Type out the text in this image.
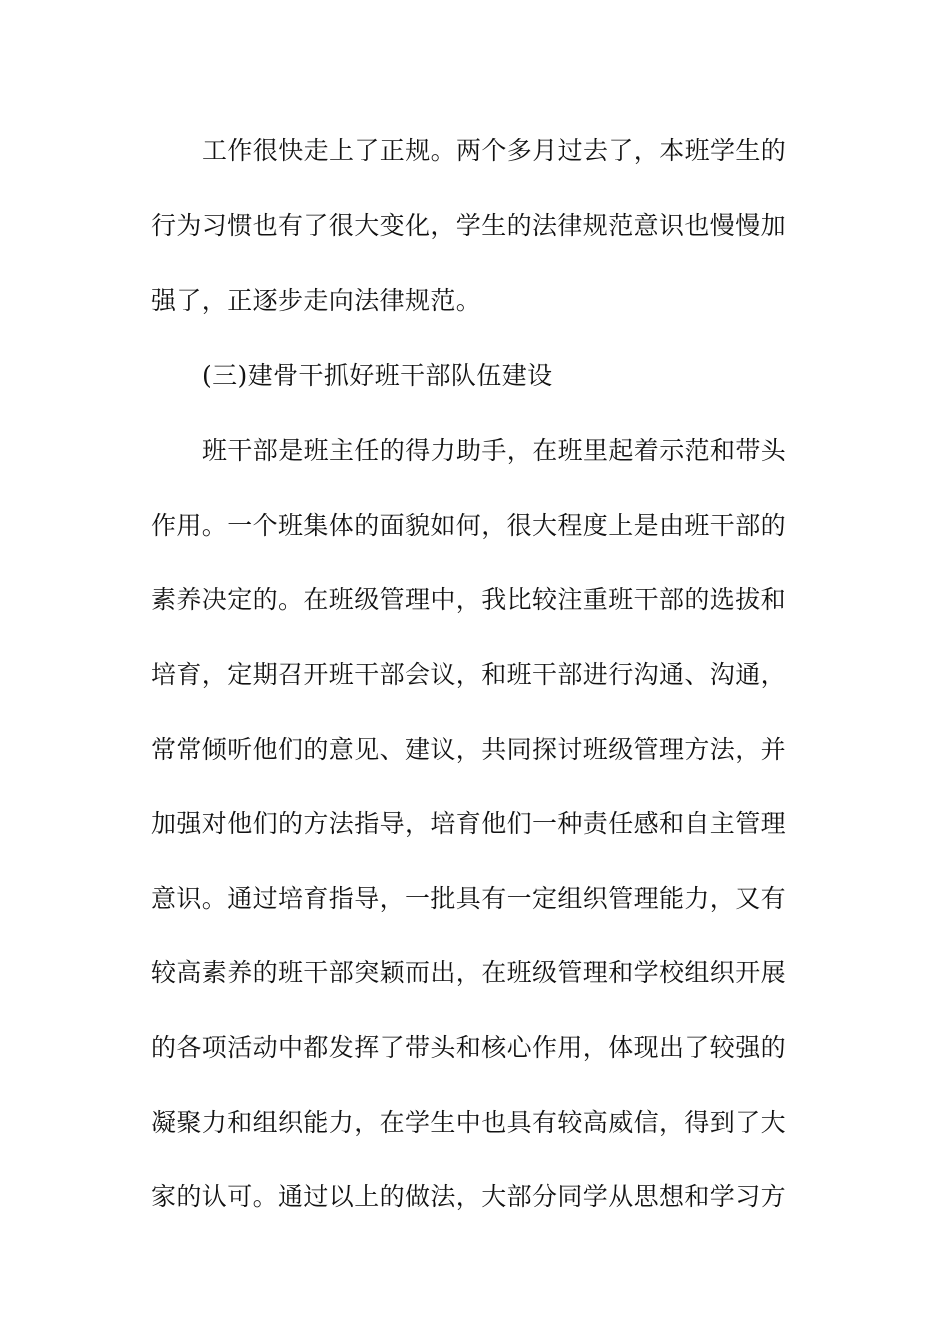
工作很快走上了正规。两个多月过去了，本班学生的
行为习惯也有了很大变化，学生的法律规范意识也慢慢加
强了，正逐步走向法律规范。
(三)建骨干抓好班干部队伍建设
班干部是班主任的得力助手，在班里起着示范和带头
作用。一个班集体的面貌如何，很大程度上是由班干部的
素养决定的。在班级管理中，我比较注重班干部的选拔和
培育，定期召开班干部会议，和班干部进行沟通、沟通，
常常倾听他们的意见、建议，共同探讨班级管理方法，并
加强对他们的方法指导，培育他们一种责任感和自主管理
意识。通过培育指导，一批具有一定组织管理能力，又有
较高素养的班干部突颖而出，在班级管理和学校组织开展
的各项活动中都发挥了带头和核心作用，体现出了较强的
凝聚力和组织能力，在学生中也具有较高威信，得到了大
家的认可。通过以上的做法，大部分同学从思想和学习方
